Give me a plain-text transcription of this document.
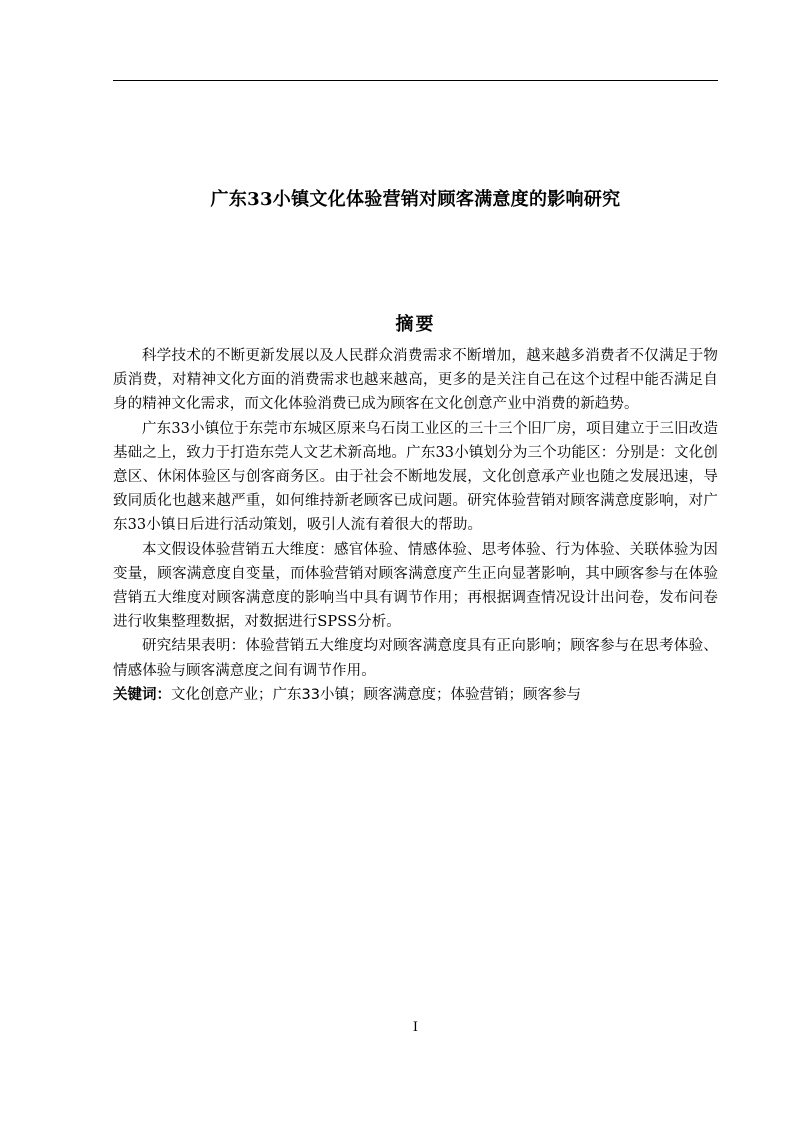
广东33小镇文化体验营销对顾客满意度的影响研究
摘要

科学技术的不断更新发展以及人民群众消费需求不断增加，越来越多消费者不仅满足于物质消费，对精神文化方面的消费需求也越来越高，更多的是关注自己在这个过程中能否满足自身的精神文化需求，而文化体验消费已成为顾客在文化创意产业中消费的新趋势。

广东33小镇位于东莞市东城区原来乌石岗工业区的三十三个旧厂房，项目建立于三旧改造基础之上，致力于打造东莞人文艺术新高地。广东33小镇划分为三个功能区：分别是：文化创意区、休闲体验区与创客商务区。由于社会不断地发展，文化创意承产业也随之发展迅速，导致同质化也越来越严重，如何维持新老顾客已成问题。研究体验营销对顾客满意度影响，对广东33小镇日后进行活动策划，吸引人流有着很大的帮助。

本文假设体验营销五大维度：感官体验、情感体验、思考体验、行为体验、关联体验为因变量，顾客满意度自变量，而体验营销对顾客满意度产生正向显著影响，其中顾客参与在体验营销五大维度对顾客满意度的影响当中具有调节作用；再根据调查情况设计出问卷，发布问卷进行收集整理数据，对数据进行SPSS分析。

研究结果表明：体验营销五大维度均对顾客满意度具有正向影响；顾客参与在思考体验、情感体验与顾客满意度之间有调节作用。

关键词：文化创意产业；广东33小镇；顾客满意度；体验营销；顾客参与
I
